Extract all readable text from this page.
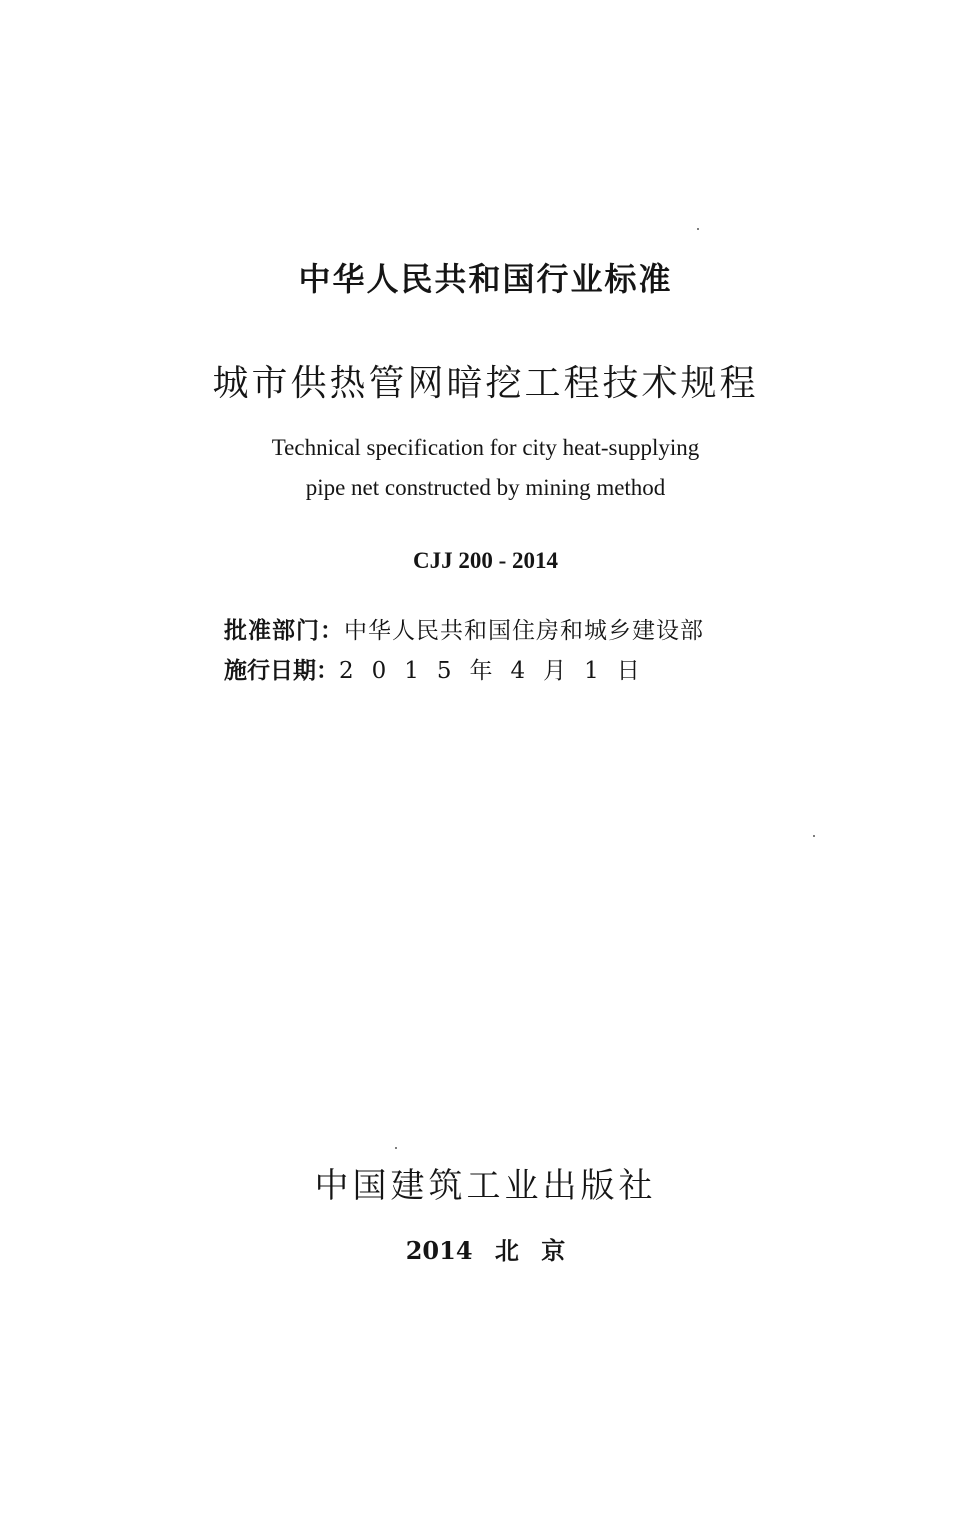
中华人民共和国行业标准
城市供热管网暗挖工程技术规程
Technical specification for city heat-supplying
pipe net constructed by mining method
CJJ 200 - 2014
批准部门：中华人民共和国住房和城乡建设部
施行日期：2015年4月1日
中国建筑工业出版社
2014 北 京
